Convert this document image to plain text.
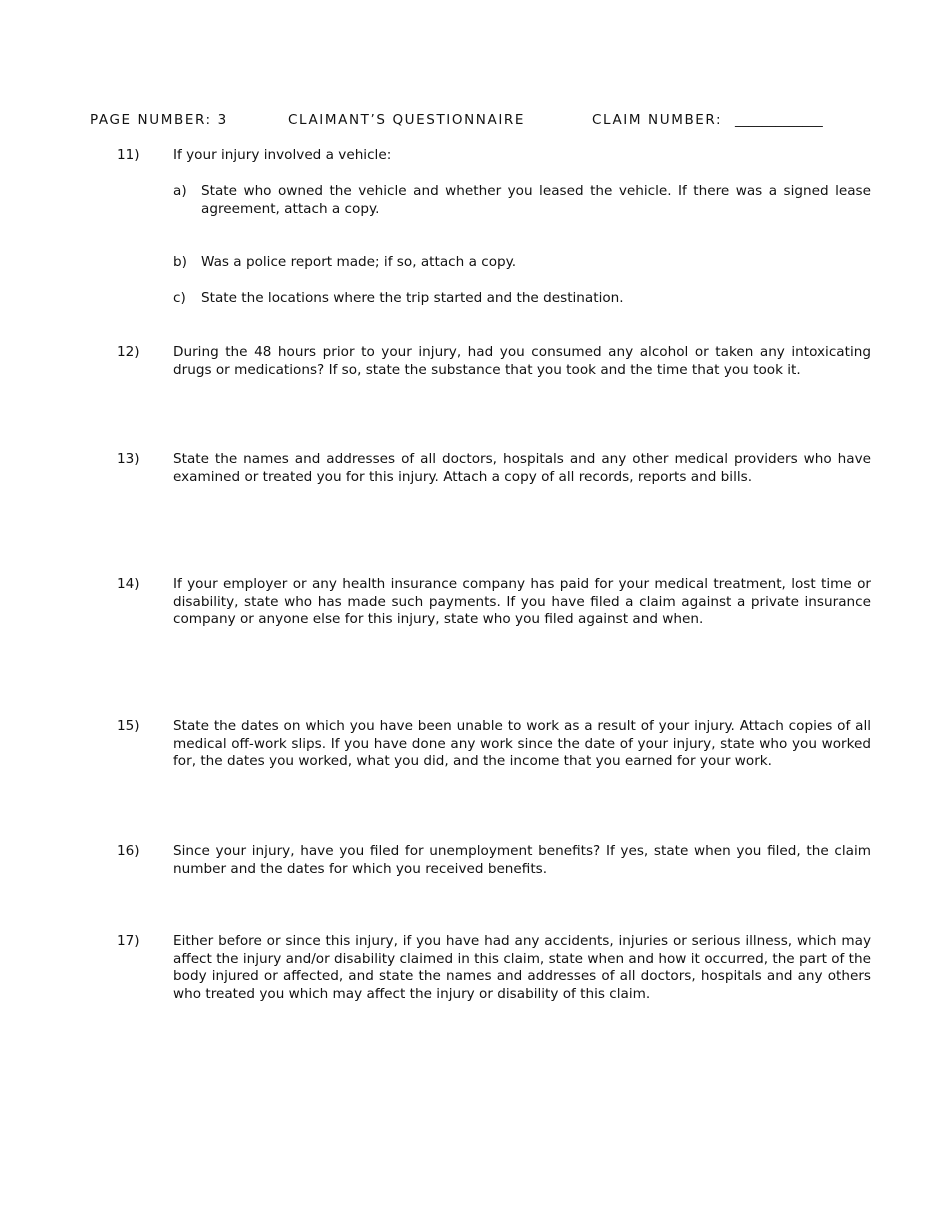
PAGE NUMBER: 3	CLAIMANT’S QUESTIONNAIRE	CLAIM NUMBER: _____________
11) If your injury involved a vehicle:
a) State who owned the vehicle and whether you leased the vehicle. If there was a signed lease agreement, attach a copy.
b) Was a police report made; if so, attach a copy.
c) State the locations where the trip started and the destination.
12) During the 48 hours prior to your injury, had you consumed any alcohol or taken any intoxicating drugs or medications? If so, state the substance that you took and the time that you took it.
13) State the names and addresses of all doctors, hospitals and any other medical providers who have examined or treated you for this injury. Attach a copy of all records, reports and bills.
14) If your employer or any health insurance company has paid for your medical treatment, lost time or disability, state who has made such payments. If you have filed a claim against a private insurance company or anyone else for this injury, state who you filed against and when.
15) State the dates on which you have been unable to work as a result of your injury. Attach copies of all medical off-work slips. If you have done any work since the date of your injury, state who you worked for, the dates you worked, what you did, and the income that you earned for your work.
16) Since your injury, have you filed for unemployment benefits? If yes, state when you filed, the claim number and the dates for which you received benefits.
17) Either before or since this injury, if you have had any accidents, injuries or serious illness, which may affect the injury and/or disability claimed in this claim, state when and how it occurred, the part of the body injured or affected, and state the names and addresses of all doctors, hospitals and any others who treated you which may affect the injury or disability of this claim.
